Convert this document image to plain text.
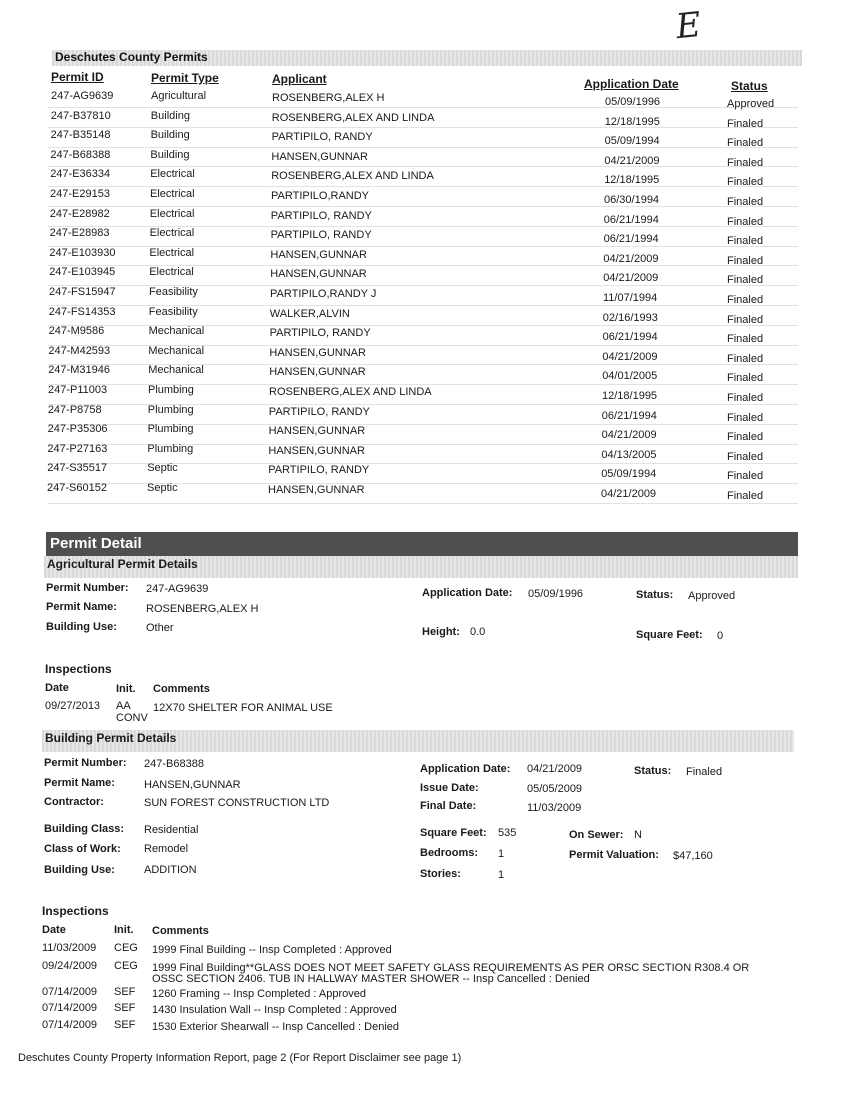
E
Deschutes County Permits
Permit ID	Permit Type	Applicant	Application Date	Status
247-AG9639	Agricultural	ROSENBERG,ALEX H	05/09/1996	Approved
247-B37810	Building	ROSENBERG,ALEX AND LINDA	12/18/1995	Finaled
247-B35148	Building	PARTIPILO, RANDY	05/09/1994	Finaled
247-B68388	Building	HANSEN,GUNNAR	04/21/2009	Finaled
247-E36334	Electrical	ROSENBERG,ALEX AND LINDA	12/18/1995	Finaled
247-E29153	Electrical	PARTIPILO,RANDY	06/30/1994	Finaled
247-E28982	Electrical	PARTIPILO, RANDY	06/21/1994	Finaled
247-E28983	Electrical	PARTIPILO, RANDY	06/21/1994	Finaled
247-E103930	Electrical	HANSEN,GUNNAR	04/21/2009	Finaled
247-E103945	Electrical	HANSEN,GUNNAR	04/21/2009	Finaled
247-FS15947	Feasibility	PARTIPILO,RANDY J	11/07/1994	Finaled
247-FS14353	Feasibility	WALKER,ALVIN	02/16/1993	Finaled
247-M9586	Mechanical	PARTIPILO, RANDY	06/21/1994	Finaled
247-M42593	Mechanical	HANSEN,GUNNAR	04/21/2009	Finaled
247-M31946	Mechanical	HANSEN,GUNNAR	04/01/2005	Finaled
247-P11003	Plumbing	ROSENBERG,ALEX AND LINDA	12/18/1995	Finaled
247-P8758	Plumbing	PARTIPILO, RANDY	06/21/1994	Finaled
247-P35306	Plumbing	HANSEN,GUNNAR	04/21/2009	Finaled
247-P27163	Plumbing	HANSEN,GUNNAR	04/13/2005	Finaled
247-S35517	Septic	PARTIPILO, RANDY	05/09/1994	Finaled
247-S60152	Septic	HANSEN,GUNNAR	04/21/2009	Finaled
Permit Detail
Agricultural Permit Details
Permit Number: 247-AG9639
Permit Name:	ROSENBERG,ALEX H
Building Use:	Other
Application Date: 05/09/1996	Status: Approved
Height: 0.0	Square Feet: 0
Inspections
Date	Init. Comments
09/27/2013 AA CONV
12X70 SHELTER FOR ANIMAL USE
Building Permit Details
Permit Number: 247-B68388
Permit Name:	HANSEN,GUNNAR
Contractor:	SUN FOREST CONSTRUCTION LTD
Application Date: 04/21/2009	Status: Finaled
Issue Date:	05/05/2009
Final Date:	11/03/2009
Building Class: Residential
Class of Work: Remodel
Building Use:	ADDITION
Square Feet: 535
Bedrooms: 1
Stories:	1
On Sewer: N
Permit Valuation: $47,160
Inspections
Date	Init. Comments
11/03/2009 CEG 1999 Final Building -- Insp Completed : Approved
09/24/2009 CEG 1999 Final Building**GLASS DOES NOT MEET SAFETY GLASS REQUIREMENTS AS PER ORSC SECTION R308.4 OR
OSSC SECTION 2406. TUB IN HALLWAY MASTER SHOWER -- Insp Cancelled : Denied
07/14/2009 SEF 1260 Framing -- Insp Completed : Approved
07/14/2009 SEF 1430 Insulation Wall -- Insp Completed : Approved
07/14/2009 SEF 1530 Exterior Shearwall -- Insp Cancelled : Denied
Deschutes County Property Information Report, page 2 (For Report Disclaimer see page 1)
